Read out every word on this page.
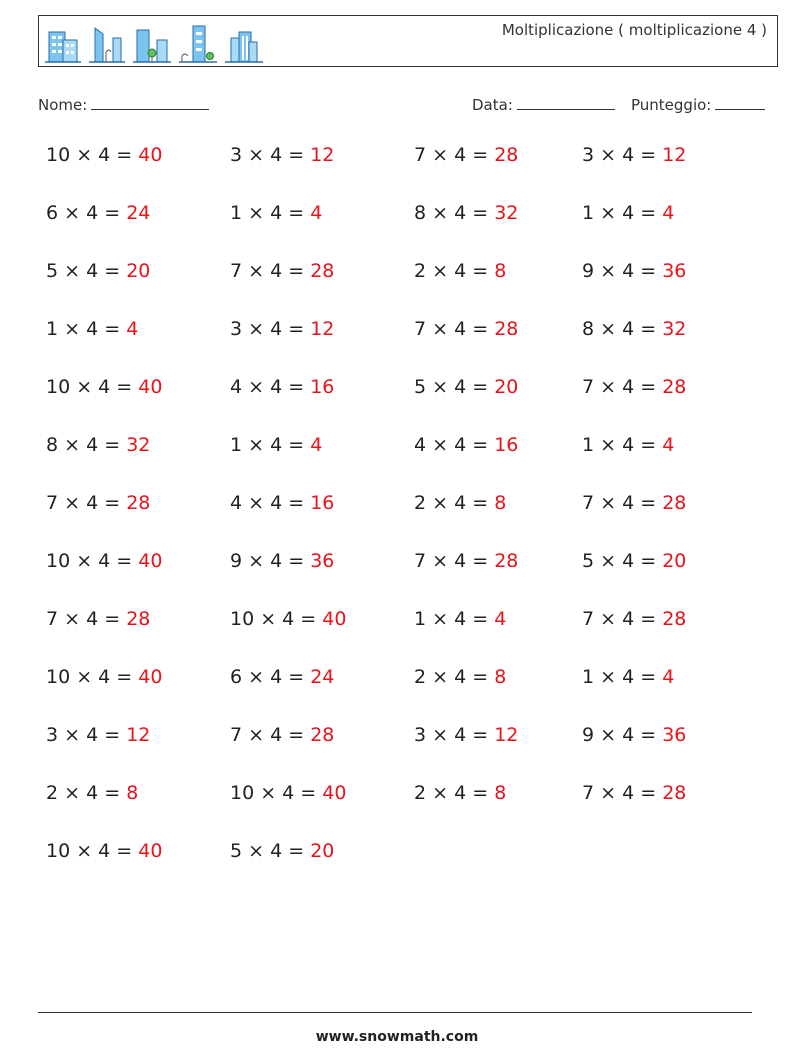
Moltiplicazione ( moltiplicazione 4 )
Nome:	Data:	Punteggio:
10 × 4 = 40	3 × 4 = 12	7 × 4 = 28	3 × 4 = 12
6 × 4 = 24	1 × 4 = 4	8 × 4 = 32	1 × 4 = 4
5 × 4 = 20	7 × 4 = 28	2 × 4 = 8	9 × 4 = 36
1 × 4 = 4	3 × 4 = 12	7 × 4 = 28	8 × 4 = 32
10 × 4 = 40	4 × 4 = 16	5 × 4 = 20	7 × 4 = 28
8 × 4 = 32	1 × 4 = 4	4 × 4 = 16	1 × 4 = 4
7 × 4 = 28	4 × 4 = 16	2 × 4 = 8	7 × 4 = 28
10 × 4 = 40	9 × 4 = 36	7 × 4 = 28	5 × 4 = 20
7 × 4 = 28	10 × 4 = 40	1 × 4 = 4	7 × 4 = 28
10 × 4 = 40	6 × 4 = 24	2 × 4 = 8	1 × 4 = 4
3 × 4 = 12	7 × 4 = 28	3 × 4 = 12	9 × 4 = 36
2 × 4 = 8	10 × 4 = 40	2 × 4 = 8	7 × 4 = 28
10 × 4 = 40	5 × 4 = 20
www.snowmath.com
